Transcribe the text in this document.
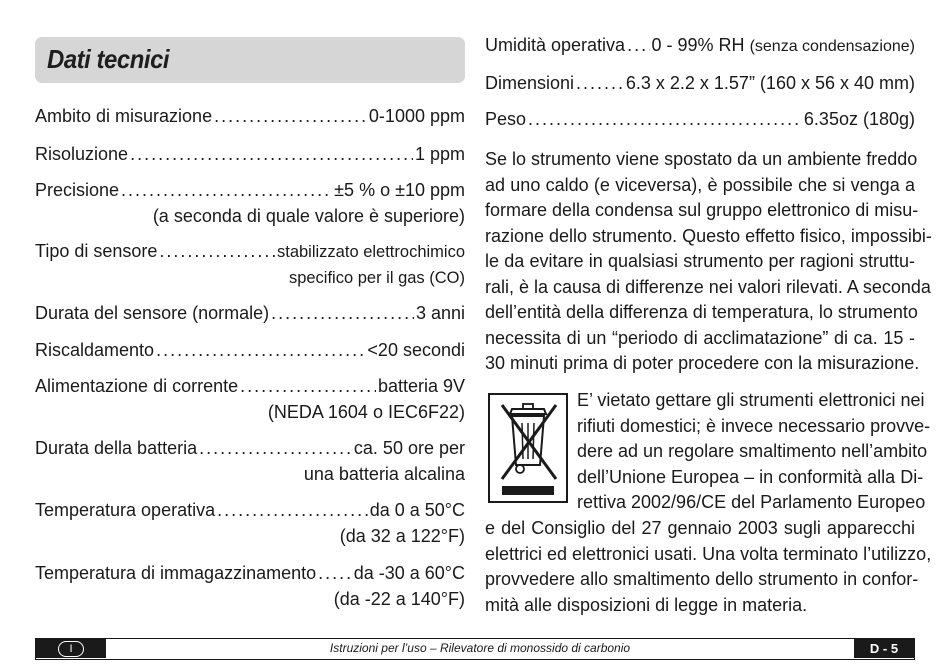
Dati tecnici
Ambito di misurazione .....	0-1000 ppm
Risoluzione .....	1 ppm
Precisione .....	±5 % o ±10 ppm
(a seconda di quale valore è superiore)
Tipo di sensore .....	stabilizzato elettrochimico
specifico per il gas (CO)
Durata del sensore (normale) .....	3 anni
Riscaldamento .....	<20 secondi
Alimentazione di corrente .....	batteria 9V
(NEDA 1604 o IEC6F22)
Durata della batteria .....	ca. 50 ore per
una batteria alcalina
Temperatura operativa .....	da 0 a 50°C
(da 32 a 122°F)
Temperatura di immagazzinamento ..... da -30 a 60°C
(da -22 a 140°F)
Umidità operativa ..... 0 - 99% RH
(senza condensazione)
Dimensioni .....	6.3 x 2.2 x 1.57” (160 x 56 x 40 mm)
Peso .....	6.35oz (180g)
Se lo strumento viene spostato da un ambiente freddo
ad uno caldo (e viceversa), è possibile che si venga a
formare della condensa sul gruppo elettronico di misu-
razione dello strumento. Questo effetto fisico, impossibi-
le da evitare in qualsiasi strumento per ragioni struttu-
rali, è la causa di differenze nei valori rilevati. A seconda
dell’entità della differenza di temperatura, lo strumento
necessita di un “periodo di acclimatazione” di ca. 15 -
30 minuti prima di poter procedere con la misurazione.
E’ vietato gettare gli strumenti elettronici nei
rifiuti domestici; è invece necessario provve-
dere ad un regolare smaltimento nell’ambito
dell’Unione Europea – in conformità alla Di-
rettiva 2002/96/CE del Parlamento Europeo
e del Consiglio del 27 gennaio 2003 sugli apparecchi
elettrici ed elettronici usati. Una volta terminato l’utilizzo,
provvedere allo smaltimento dello strumento in confor-
mità alle disposizioni di legge in materia.
I	Istruzioni per l’uso – Rilevatore di monossido di carbonio	D - 5
